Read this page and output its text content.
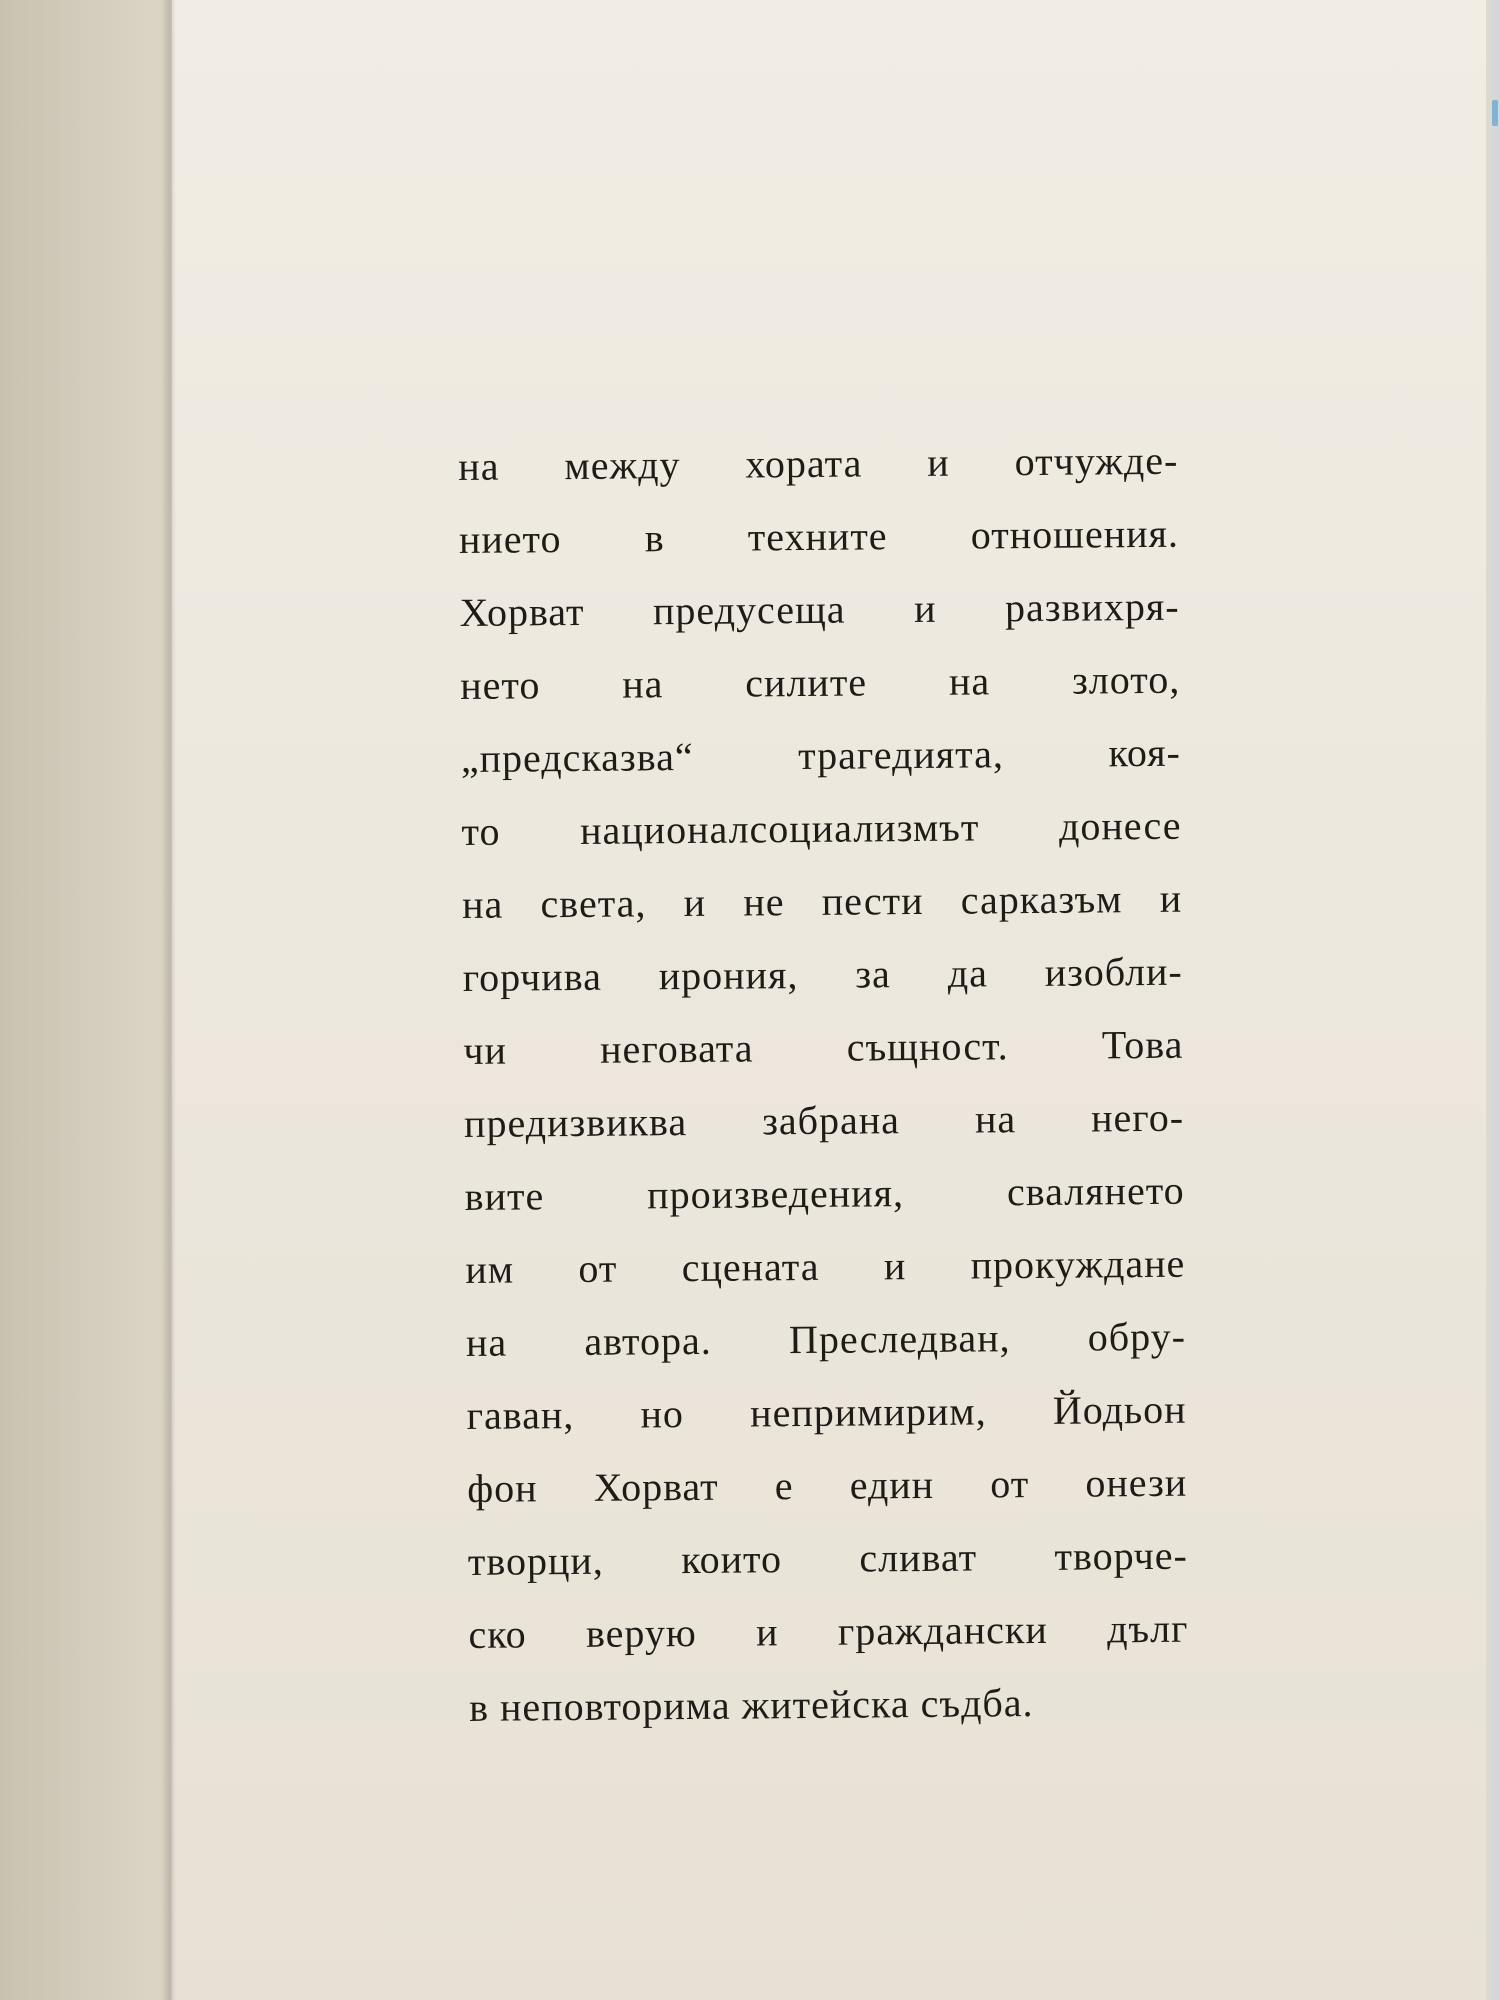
на между хората и отчужде-
нието в техните отношения.
Хорват предусеща и развихря-
нето на силите на злото,
„предсказва“ трагедията, коя-
то националсоциализмът донесе
на света, и не пести сарказъм и
горчива ирония, за да изобли-
чи неговата същност. Това
предизвиква забрана на него-
вите произведения, свалянето
им от сцената и прокуждане
на автора. Преследван, обру-
гаван, но непримирим, Йодьон
фон Хорват е един от онези
творци, които сливат творче-
ско верую и граждански дълг
в неповторима житейска съдба.
